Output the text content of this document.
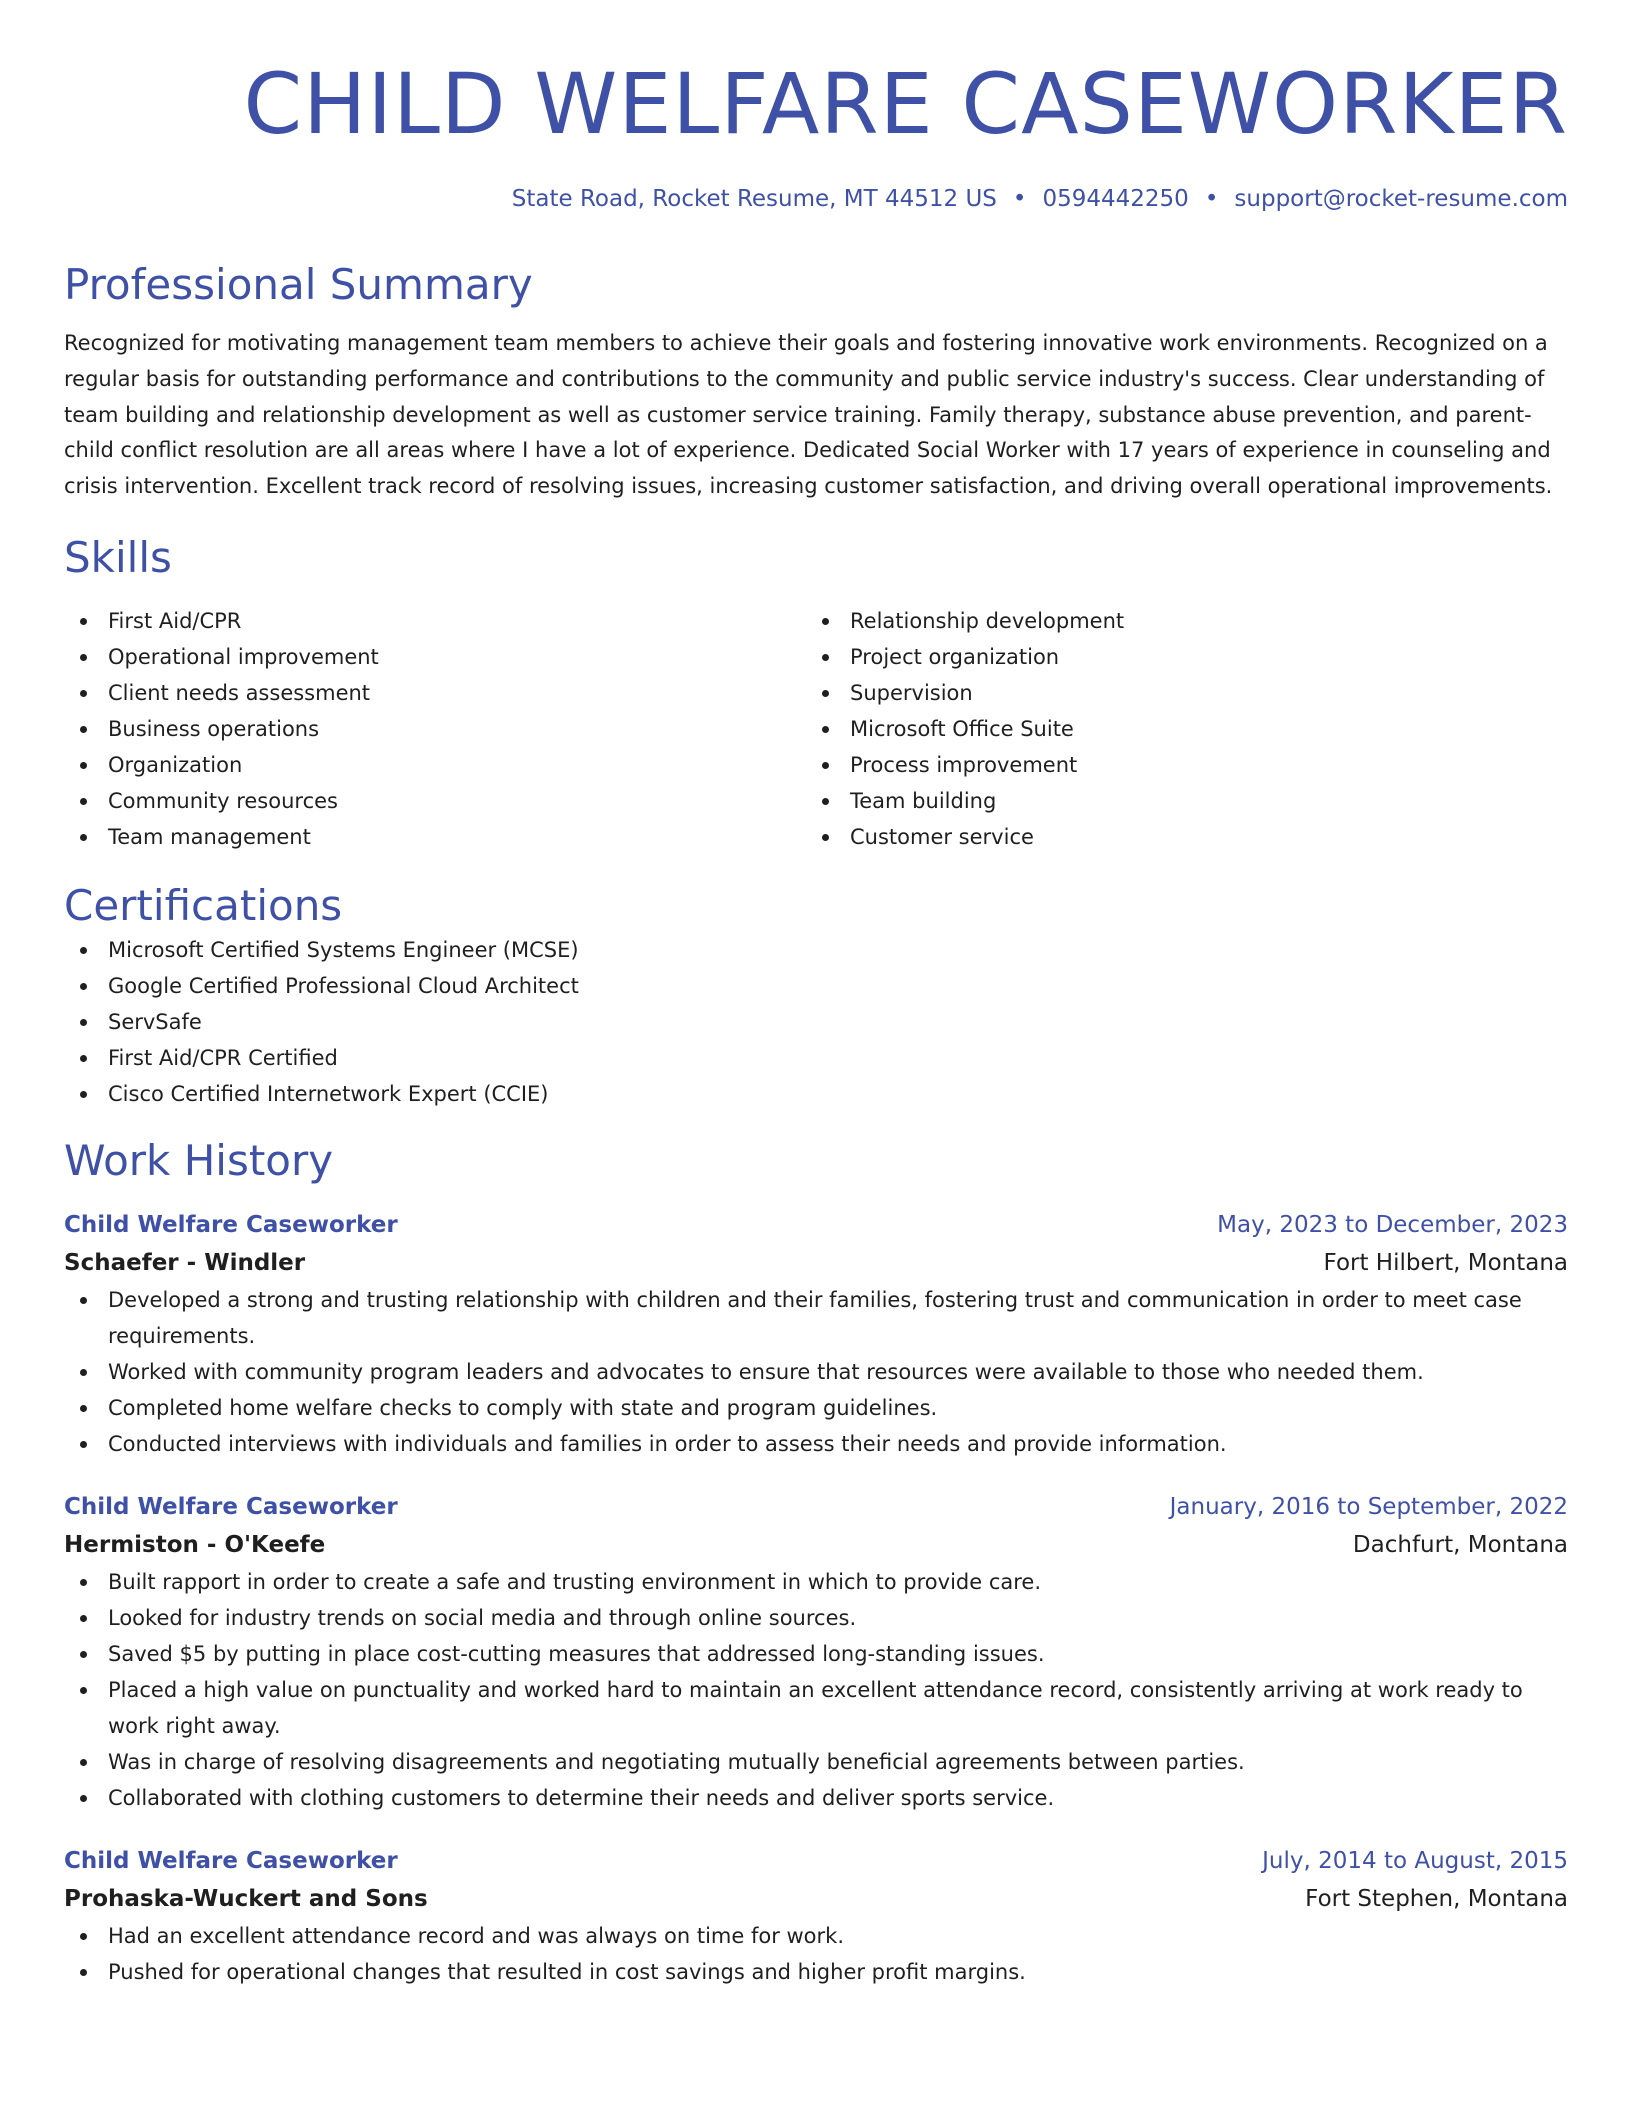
CHILD WELFARE CASEWORKER
State Road, Rocket Resume, MT 44512 US • 0594442250 • support@rocket-resume.com
Professional Summary

Recognized for motivating management team members to achieve their goals and fostering innovative work environments. Recognized on a regular basis for outstanding performance and contributions to the community and public service industry's success. Clear understanding of team building and relationship development as well as customer service training. Family therapy, substance abuse prevention, and parent-child conflict resolution are all areas where I have a lot of experience. Dedicated Social Worker with 17 years of experience in counseling and crisis intervention. Excellent track record of resolving issues, increasing customer satisfaction, and driving overall operational improvements.

Skills
First Aid/CPR
Operational improvement
Client needs assessment
Business operations
Organization
Community resources
Team management
Relationship development
Project organization
Supervision
Microsoft Office Suite
Process improvement
Team building
Customer service
Certifications
Microsoft Certified Systems Engineer (MCSE)
Google Certified Professional Cloud Architect
ServSafe
First Aid/CPR Certified
Cisco Certified Internetwork Expert (CCIE)
Work History
Child Welfare Caseworker	May, 2023 to December, 2023
Schaefer - Windler	Fort Hilbert, Montana
Developed a strong and trusting relationship with children and their families, fostering trust and communication in order to meet case requirements.
Worked with community program leaders and advocates to ensure that resources were available to those who needed them.
Completed home welfare checks to comply with state and program guidelines.
Conducted interviews with individuals and families in order to assess their needs and provide information.
Child Welfare Caseworker	January, 2016 to September, 2022
Hermiston - O'Keefe	Dachfurt, Montana
Built rapport in order to create a safe and trusting environment in which to provide care.
Looked for industry trends on social media and through online sources.
Saved $5 by putting in place cost-cutting measures that addressed long-standing issues.
Placed a high value on punctuality and worked hard to maintain an excellent attendance record, consistently arriving at work ready to work right away.
Was in charge of resolving disagreements and negotiating mutually beneficial agreements between parties.
Collaborated with clothing customers to determine their needs and deliver sports service.
Child Welfare Caseworker	July, 2014 to August, 2015
Prohaska-Wuckert and Sons	Fort Stephen, Montana
Had an excellent attendance record and was always on time for work.
Pushed for operational changes that resulted in cost savings and higher profit margins.
